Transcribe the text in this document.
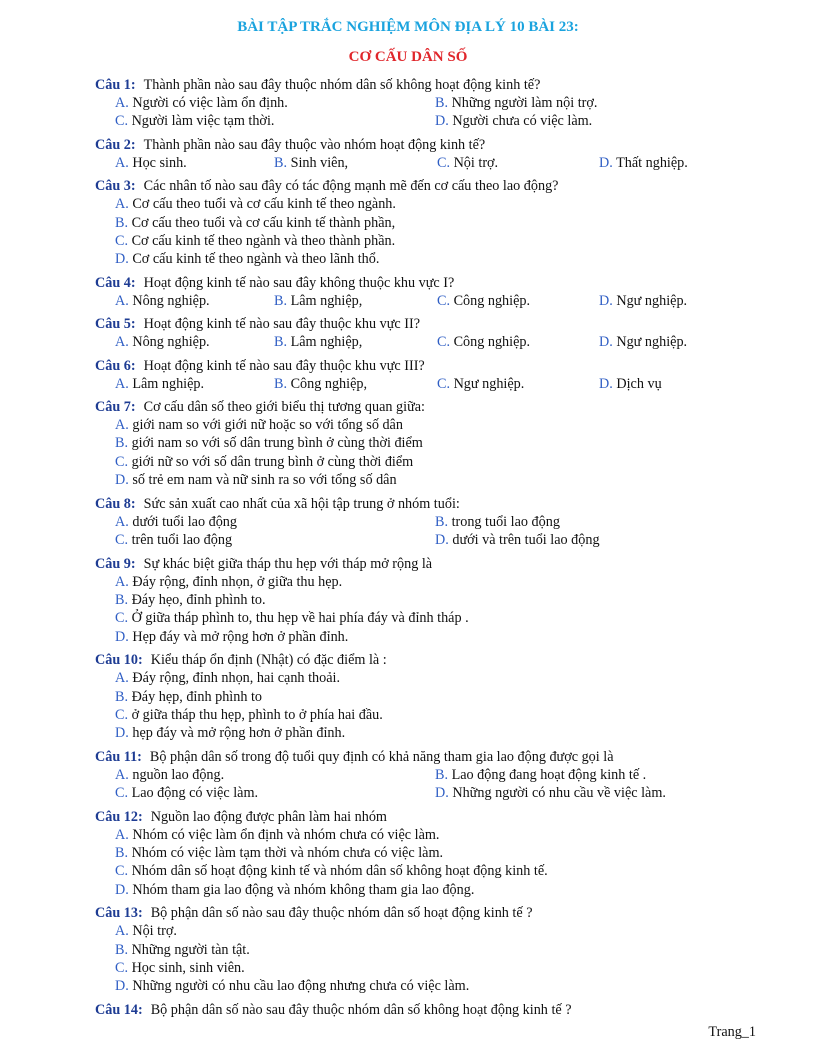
BÀI TẬP TRẮC NGHIỆM MÔN ĐỊA LÝ 10 BÀI 23:
CƠ CẤU DÂN SỐ
Câu 1: Thành phần nào sau đây thuộc nhóm dân số không hoạt động kinh tế?
A. Người có việc làm ổn định.	B. Những người làm nội trợ.
C. Người làm việc tạm thời.	D. Người chưa có việc làm.
Câu 2: Thành phần nào sau đây thuộc vào nhóm hoạt động kinh tế?
A. Học sinh.	B. Sinh viên,	C. Nội trợ.	D. Thất nghiệp.
Câu 3: Các nhân tố nào sau đây có tác động mạnh mẽ đến cơ cấu theo lao động?
A. Cơ cấu theo tuổi và cơ cấu kinh tế theo ngành.
B. Cơ cấu theo tuổi và cơ cấu kinh tế thành phần,
C. Cơ cấu kinh tế theo ngành và theo thành phần.
D. Cơ cấu kinh tế theo ngành và theo lãnh thổ.
Câu 4: Hoạt động kinh tế nào sau đây không thuộc khu vực I?
A. Nông nghiệp.	B. Lâm nghiệp,	C. Công nghiệp.	D. Ngư nghiệp.
Câu 5: Hoạt động kinh tế nào sau đây thuộc khu vực II?
A. Nông nghiệp.	B. Lâm nghiệp,	C. Công nghiệp.	D. Ngư nghiệp.
Câu 6: Hoạt động kinh tế nào sau đây thuộc khu vực III?
A. Lâm nghiệp.	B. Công nghiệp,	C. Ngư nghiệp.	D. Dịch vụ
Câu 7: Cơ cấu dân số theo giới biểu thị tương quan giữa:
A. giới nam so với giới nữ hoặc so với tổng số dân
B. giới nam so với số dân trung bình ở cùng thời điểm
C. giới nữ so với số dân trung bình ở cùng thời điểm
D. số trẻ em nam và nữ sinh ra so với tổng số dân
Câu 8: Sức sản xuất cao nhất của xã hội tập trung ở nhóm tuổi:
A. dưới tuổi lao động	B. trong tuổi lao động
C. trên tuổi lao động	D. dưới và trên tuổi lao động
Câu 9: Sự khác biệt giữa tháp thu hẹp với tháp mở rộng là
A. Đáy rộng, đỉnh nhọn, ở giữa thu hẹp.
B. Đáy hẹo, đỉnh phình to.
C. Ở giữa tháp phình to, thu hẹp về hai phía đáy và đỉnh tháp .
D. Hẹp đáy và mở rộng hơn ở phần đỉnh.
Câu 10: Kiểu tháp ổn định (Nhật) có đặc điểm là :
A. Đáy rộng, đỉnh nhọn, hai cạnh thoải.
B. Đáy hẹp, đỉnh phình to
C. ở giữa tháp thu hẹp, phình to ở phía hai đầu.
D. hẹp đáy và mở rộng hơn ở phần đỉnh.
Câu 11: Bộ phận dân số trong độ tuổi quy định có khả năng tham gia lao động được gọi là
A. nguồn lao động.	B. Lao động đang hoạt động kinh tế .
C. Lao động có việc làm.	D. Những người có nhu cầu về việc làm.
Câu 12: Nguồn lao động được phân làm hai nhóm
A. Nhóm có việc làm ổn định và nhóm chưa có việc làm.
B. Nhóm có việc làm tạm thời và nhóm chưa có việc làm.
C. Nhóm dân số hoạt động kinh tế và nhóm dân số không hoạt động kinh tế.
D. Nhóm tham gia lao động và nhóm không tham gia lao động.
Câu 13: Bộ phận dân số nào sau đây thuộc nhóm dân số hoạt động kinh tế ?
A. Nội trợ.
B. Những người tàn tật.
C. Học sinh, sinh viên.
D. Những người có nhu cầu lao động nhưng chưa có việc làm.
Câu 14: Bộ phận dân số nào sau đây thuộc nhóm dân số không hoạt động kinh tế ?
Trang_1
